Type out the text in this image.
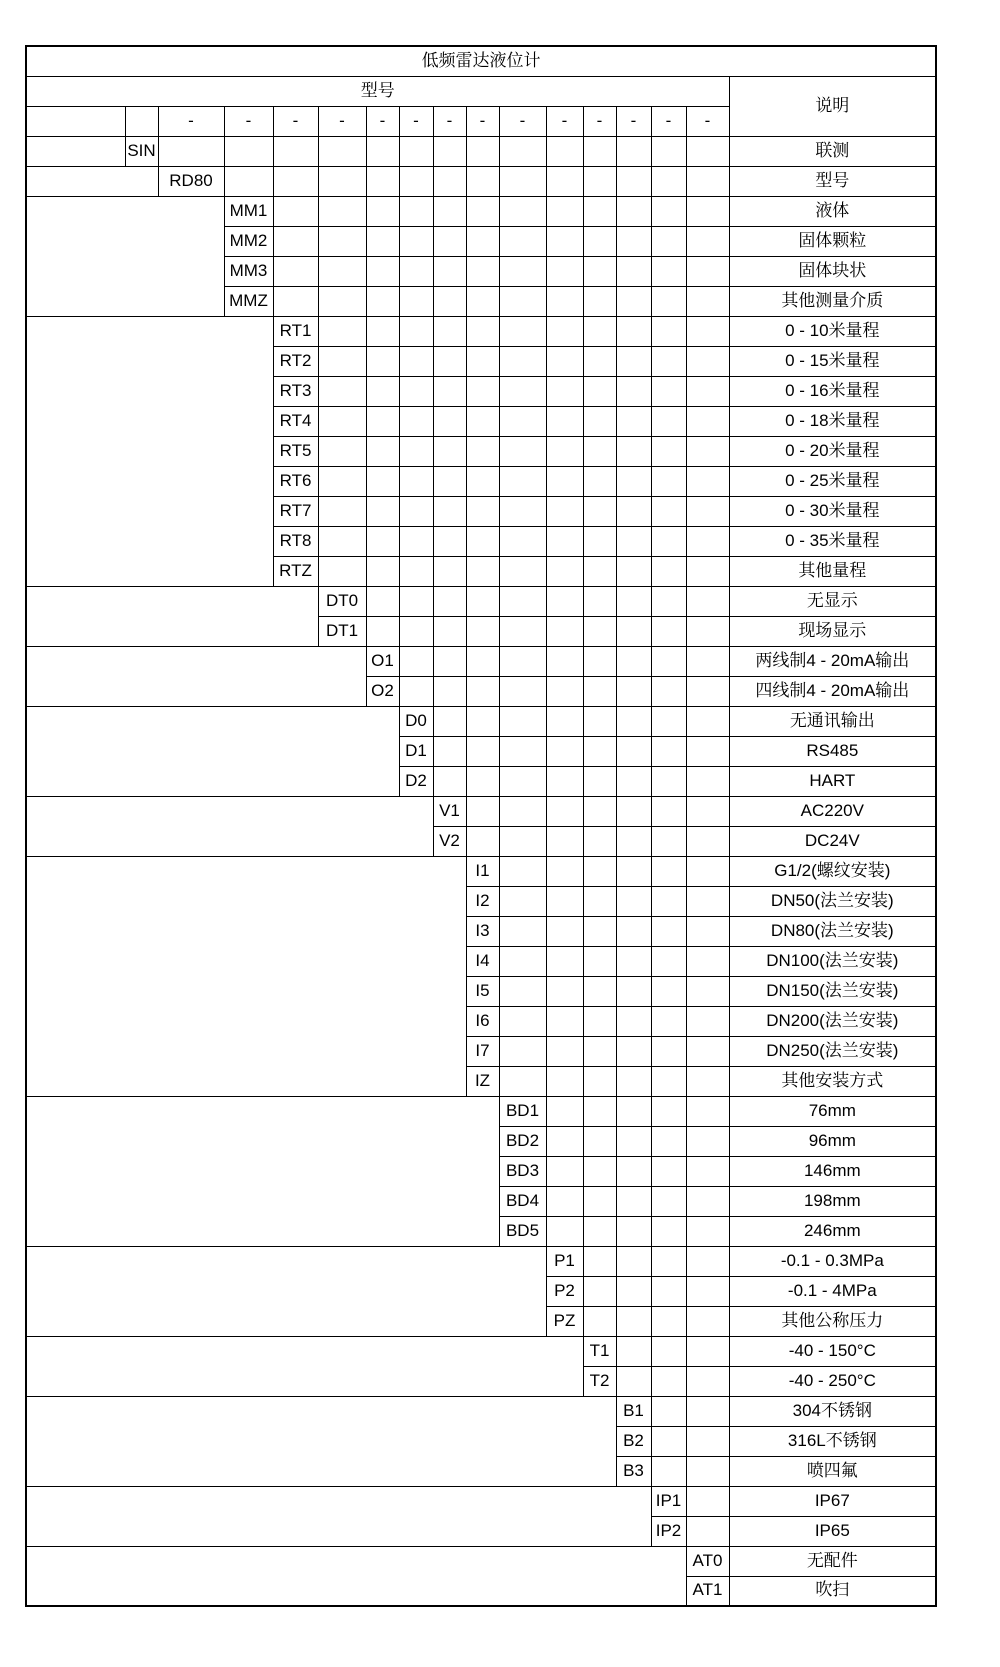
低频雷达液位计																
型号																说明
		-	-	-	-	-	-	-	-	-	-	-	-	-	-	
公司名称	SIN															联测
型号		RD80														型号
测量介质			MM1													液体
			MM2													固体颗粒
			MM3													固体块状
			MMZ													其他测量介质
量程				RT1												0 - 10米量程
				RT2												0 - 15米量程
				RT3												0 - 16米量程
				RT4												0 - 18米量程
				RT5												0 - 20米量程
				RT6												0 - 25米量程
				RT7												0 - 30米量程
				RT8												0 - 35米量程
				RTZ												其他量程
显示类型					DT0											无显示
					DT1											现场显示
变送输出类型						O1										两线制4 - 20mA输出
						O2										四线制4 - 20mA输出
通讯输出类型							D0									无通讯输出
							D1									RS485
							D2									HART
供电电源								V1								AC220V
								V2								DC24V
安装方式									I1							G1/2(螺纹安装)
									I2							DN50(法兰安装)
									I3							DN80(法兰安装)
									I4							DN100(法兰安装)
									I5							DN150(法兰安装)
									I6							DN200(法兰安装)
									I7							DN250(法兰安装)
									IZ							其他安装方式
喇叭口直径										BD1						76mm
										BD2						96mm
										BD3						146mm
										BD4						198mm
										BD5						246mm
公称压力											P1					-0.1 - 0.3MPa
											P2					-0.1 - 4MPa
											PZ					其他公称压力
耐温等级												T1				-40 - 150°C
												T2				-40 - 250°C
本体材质													B1			304不锈钢
													B2			316L不锈钢
													B3			喷四氟
防护等级														IP1		IP67
														IP2		IP65
配件类型															AT0	无配件
															AT1	吹扫
